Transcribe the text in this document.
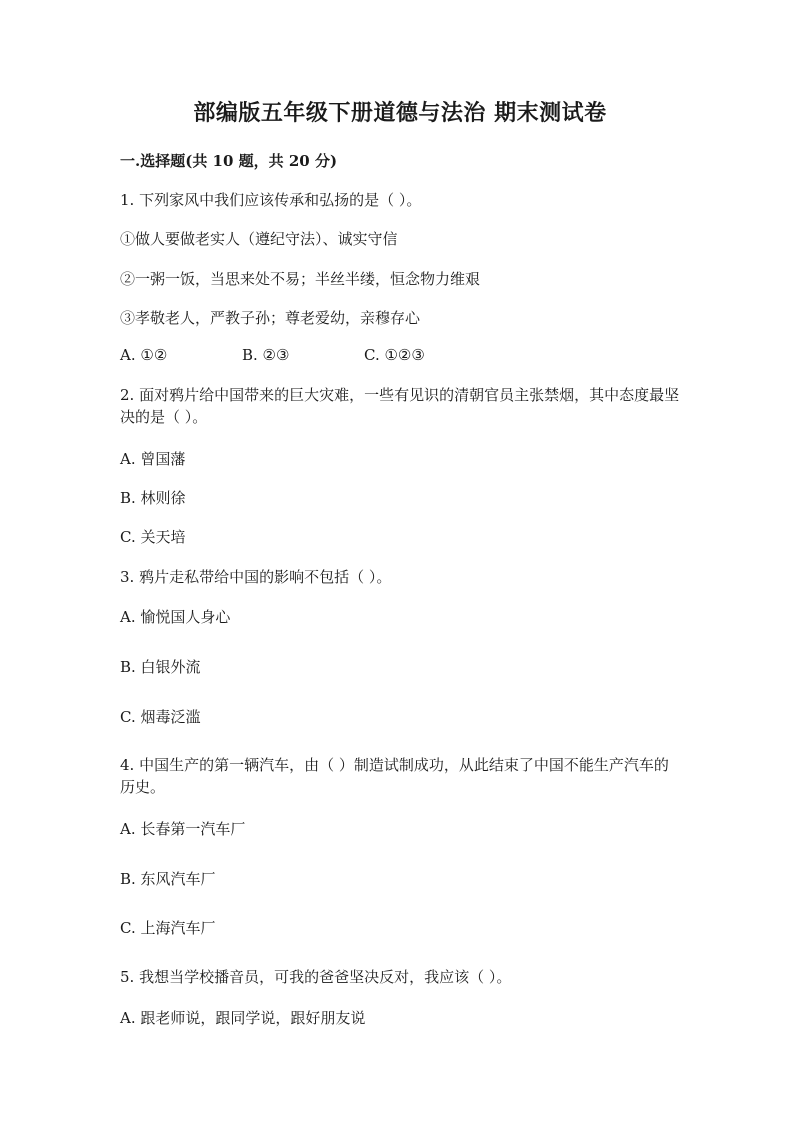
部编版五年级下册道德与法治 期末测试卷
一.选择题(共 10 题，共 20 分)
1. 下列家风中我们应该传承和弘扬的是（ ）。
①做人要做老实人（遵纪守法）、诚实守信
②一粥一饭，当思来处不易；半丝半缕，恒念物力维艰
③孝敬老人，严教子孙；尊老爱幼，亲穆存心
A. ①②	B. ②③	C. ①②③
2. 面对鸦片给中国带来的巨大灾难，一些有见识的清朝官员主张禁烟，其中态度最坚决的是（ ）。
A. 曾国藩
B. 林则徐
C. 关天培
3. 鸦片走私带给中国的影响不包括（ ）。
A. 愉悦国人身心
B. 白银外流
C. 烟毒泛滥
4. 中国生产的第一辆汽车，由（ ）制造试制成功，从此结束了中国不能生产汽车的历史。
A. 长春第一汽车厂
B. 东风汽车厂
C. 上海汽车厂
5. 我想当学校播音员，可我的爸爸坚决反对，我应该（ ）。
A. 跟老师说，跟同学说，跟好朋友说
